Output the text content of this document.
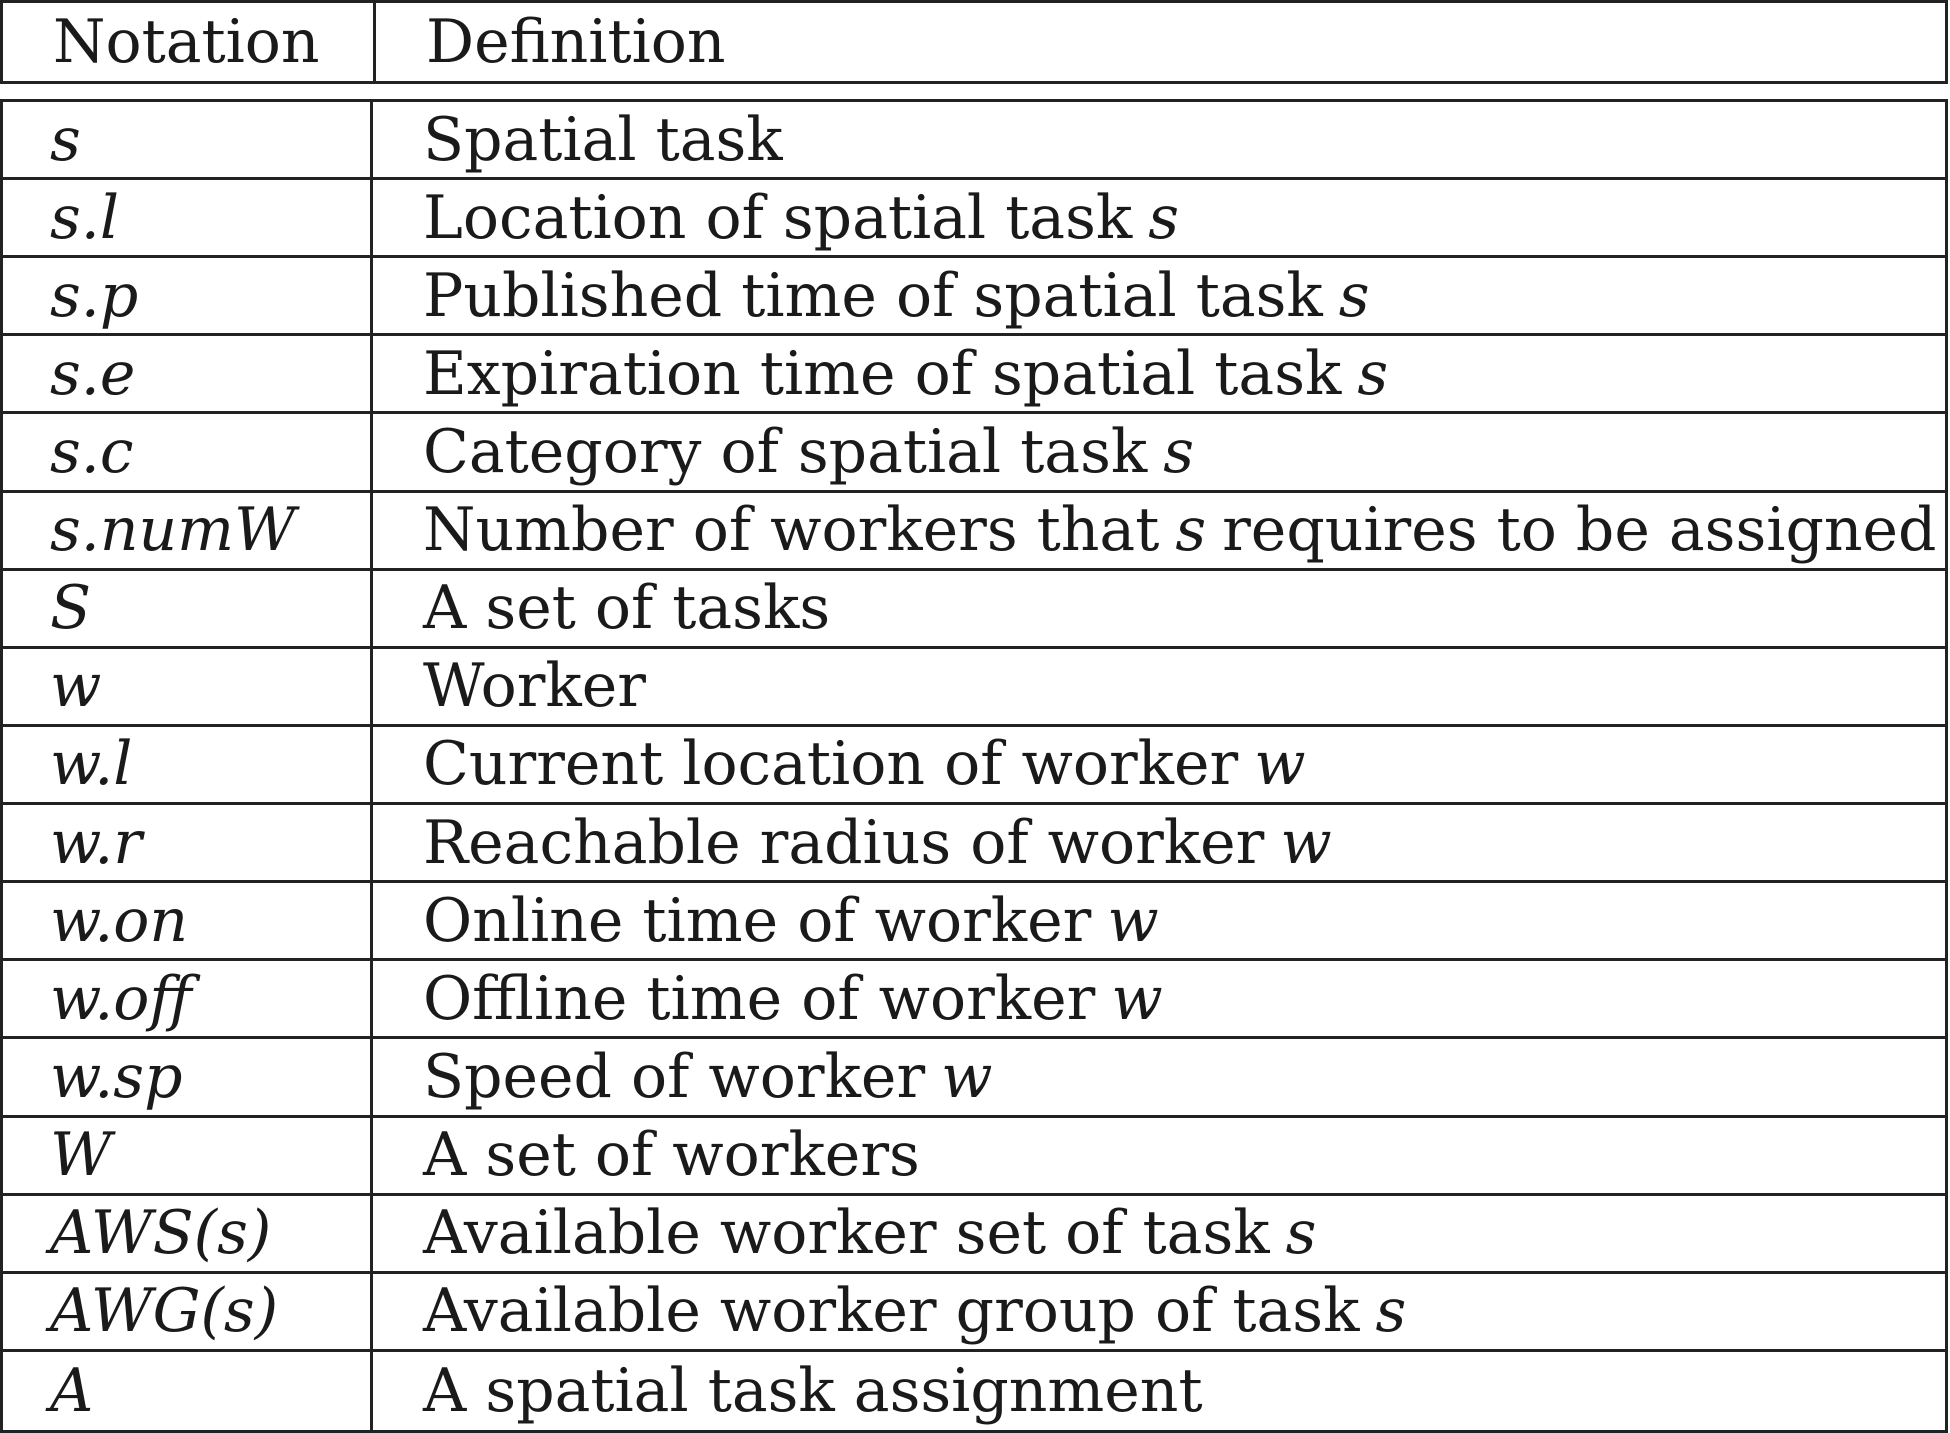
Notation	Definition
s	Spatial task
s.l	Location of spatial task s
s.p	Published time of spatial task s
s.e	Expiration time of spatial task s
s.c	Category of spatial task s
s.numW	Number of workers that s requires to be assigned
S	A set of tasks
w	Worker
w.l	Current location of worker w
w.r	Reachable radius of worker w
w.on	Online time of worker w
w.off	Offline time of worker w
w.sp	Speed of worker w
W	A set of workers
AWS(s)	Available worker set of task s
AWG(s)	Available worker group of task s
A	A spatial task assignment
